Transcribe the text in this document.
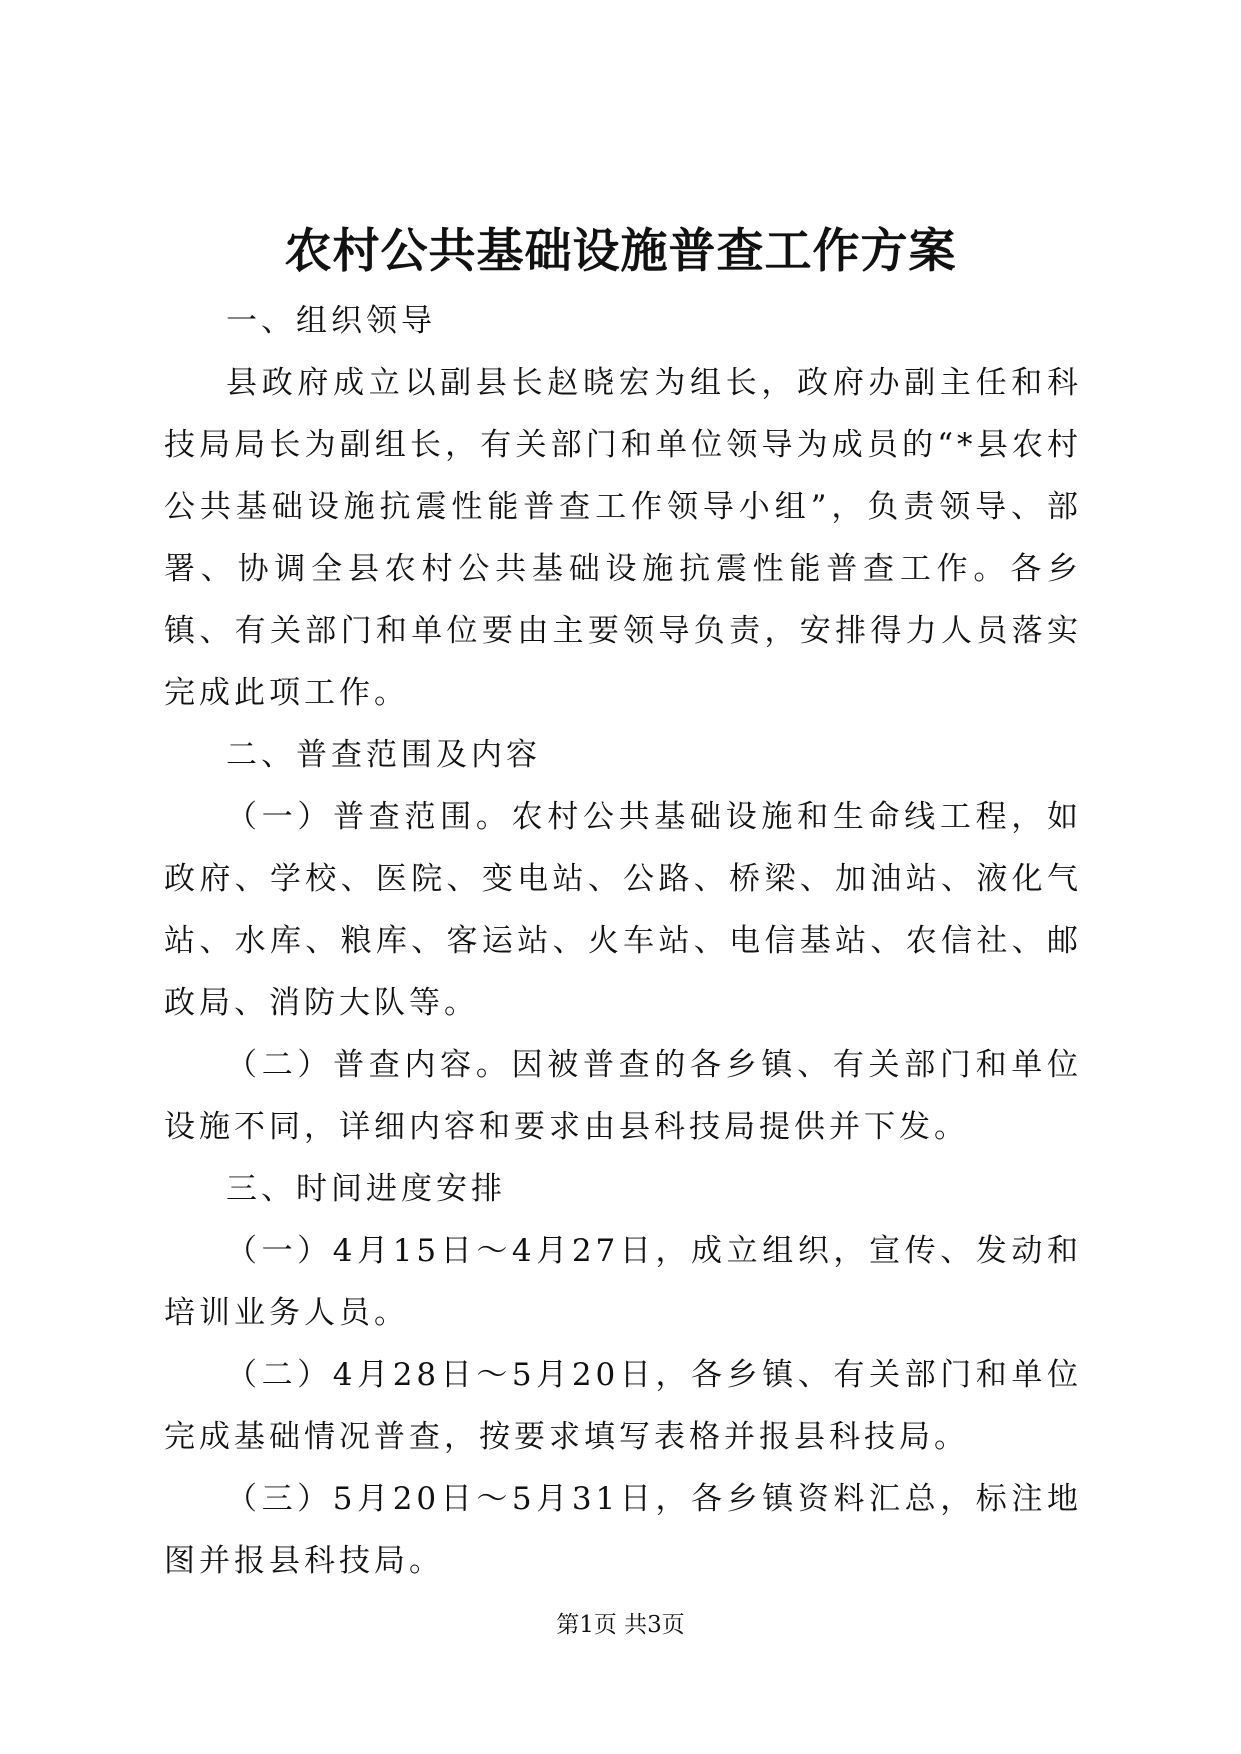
农村公共基础设施普查工作方案

一、组织领导

县政府成立以副县长赵晓宏为组长，政府办副主任和科技局局长为副组长，有关部门和单位领导为成员的“*县农村公共基础设施抗震性能普查工作领导小组”，负责领导、部署、协调全县农村公共基础设施抗震性能普查工作。各乡镇、有关部门和单位要由主要领导负责，安排得力人员落实完成此项工作。

二、普查范围及内容

（一）普查范围。农村公共基础设施和生命线工程，如政府、学校、医院、变电站、公路、桥梁、加油站、液化气站、水库、粮库、客运站、火车站、电信基站、农信社、邮政局、消防大队等。

（二）普查内容。因被普查的各乡镇、有关部门和单位设施不同，详细内容和要求由县科技局提供并下发。

三、时间进度安排

（一）4月15日～4月27日，成立组织，宣传、发动和培训业务人员。

（二）4月28日～5月20日，各乡镇、有关部门和单位完成基础情况普查，按要求填写表格并报县科技局。

（三）5月20日～5月31日，各乡镇资料汇总，标注地图并报县科技局。

第1页 共3页
